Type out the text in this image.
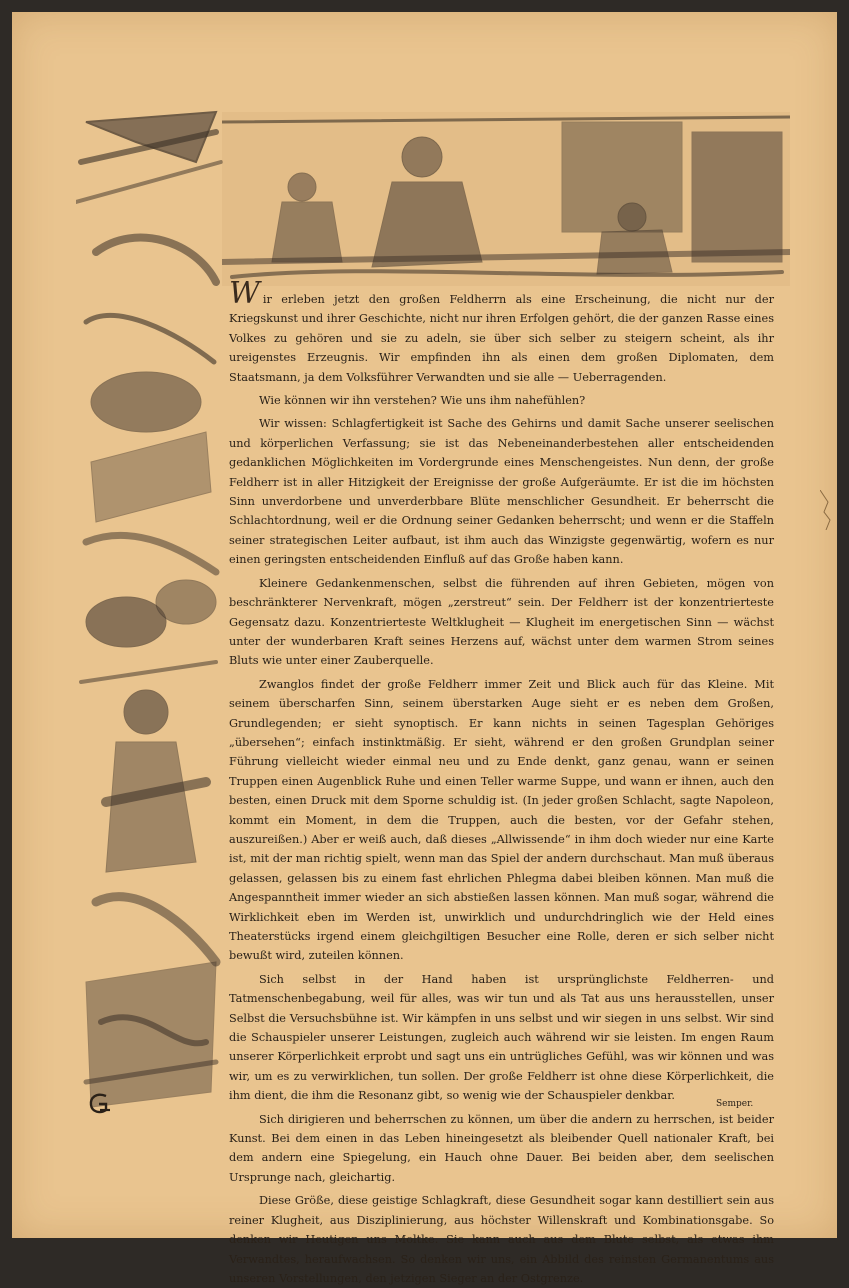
Wir erleben jetzt den großen Feldherrn als eine Erscheinung, die nicht nur der Kriegskunst und ihrer Geschichte, nicht nur ihren Erfolgen gehört, die der ganzen Rasse eines Volkes zu gehören und sie zu adeln, sie über sich selber zu steigern scheint, als ihr ureigenstes Erzeugnis. Wir empfinden ihn als einen dem großen Diplomaten, dem Staatsmann, ja dem Volksführer Verwandten und sie alle — Ueberragenden.

Wie können wir ihn verstehen? Wie uns ihm nahefühlen?

Wir wissen: Schlagfertigkeit ist Sache des Gehirns und damit Sache unserer seelischen und körperlichen Verfassung; sie ist das Nebeneinanderbestehen aller entscheidenden gedanklichen Möglichkeiten im Vordergrunde eines Menschengeistes. Nun denn, der große Feldherr ist in aller Hitzigkeit der Ereignisse der große Aufgeräumte. Er ist die im höchsten Sinn unverdorbene und unverderbbare Blüte menschlicher Gesundheit. Er beherrscht die Schlachtordnung, weil er die Ordnung seiner Gedanken beherrscht; und wenn er die Staffeln seiner strategischen Leiter aufbaut, ist ihm auch das Winzigste gegenwärtig, wofern es nur einen geringsten entscheidenden Einfluß auf das Große haben kann.

Kleinere Gedankenmenschen, selbst die führenden auf ihren Gebieten, mögen von beschränkterer Nervenkraft, mögen „zerstreut“ sein. Der Feldherr ist der konzentrierteste Gegensatz dazu. Konzentrierteste Weltklugheit — Klugheit im energetischen Sinn — wächst unter der wunderbaren Kraft seines Herzens auf, wächst unter dem warmen Strom seines Bluts wie unter einer Zauberquelle.

Zwanglos findet der große Feldherr immer Zeit und Blick auch für das Kleine. Mit seinem überscharfen Sinn, seinem überstarken Auge sieht er es neben dem Großen, Grundlegenden; er sieht synoptisch. Er kann nichts in seinen Tagesplan Gehöriges „übersehen“; einfach instinktmäßig. Er sieht, während er den großen Grundplan seiner Führung vielleicht wieder einmal neu und zu Ende denkt, ganz genau, wann er seinen Truppen einen Augenblick Ruhe und einen Teller warme Suppe, und wann er ihnen, auch den besten, einen Druck mit dem Sporne schuldig ist. (In jeder großen Schlacht, sagte Napoleon, kommt ein Moment, in dem die Truppen, auch die besten, vor der Gefahr stehen, auszureißen.) Aber er weiß auch, daß dieses „Allwissende“ in ihm doch wieder nur eine Karte ist, mit der man richtig spielt, wenn man das Spiel der andern durchschaut. Man muß überaus gelassen, gelassen bis zu einem fast ehrlichen Phlegma dabei bleiben können. Man muß die Angespanntheit immer wieder an sich abstießen lassen können. Man muß sogar, während die Wirklichkeit eben im Werden ist, unwirklich und undurchdringlich wie der Held eines Theaterstücks irgend einem gleichgiltigen Besucher eine Rolle, deren er sich selber nicht bewußt wird, zuteilen können.

Sich selbst in der Hand haben ist ursprünglichste Feldherren- und Tatmenschenbegabung, weil für alles, was wir tun und als Tat aus uns herausstellen, unser Selbst die Versuchsbühne ist. Wir kämpfen in uns selbst und wir siegen in uns selbst. Wir sind die Schauspieler unserer Leistungen, zugleich auch während wir sie leisten. Im engen Raum unserer Körperlichkeit erprobt und sagt uns ein untrügliches Gefühl, was wir können und was wir, um es zu verwirklichen, tun sollen. Der große Feldherr ist ohne diese Körperlichkeit, die ihm dient, die ihm die Resonanz gibt, so wenig wie der Schauspieler denkbar.

Sich dirigieren und beherrschen zu können, um über die andern zu herrschen, ist beider Kunst. Bei dem einen in das Leben hineingesetzt als bleibender Quell nationaler Kraft, bei dem andern eine Spiegelung, ein Hauch ohne Dauer. Bei beiden aber, dem seelischen Ursprunge nach, gleichartig.

Diese Größe, diese geistige Schlagkraft, diese Gesundheit sogar kann destilliert sein aus reiner Klugheit, aus Disziplinierung, aus höchster Willenskraft und Kombinationsgabe. So denken wir Heutigen uns Moltke. Sie kann auch aus dem Blute selbst, als etwas ihm Verwandtes, heraufwachsen. So denken wir uns, ein Abbild des reinsten Germanentums aus unseren Vorstellungen, den jetzigen Sieger an der Ostgrenze.

Semper.
